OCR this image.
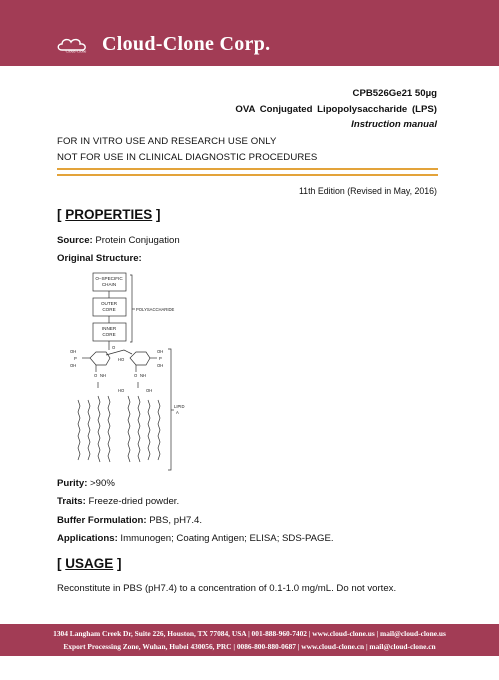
Cloud-Clone Cloud-Clone Corp.
CPB526Ge21 50µg
OVA Conjugated Lipopolysaccharide (LPS)
Instruction manual
FOR IN VITRO USE AND RESEARCH USE ONLY
NOT FOR USE IN CLINICAL DIAGNOSTIC PROCEDURES
11th Edition (Revised in May, 2016)
[ PROPERTIES ]
Source: Protein Conjugation
Original Structure:
O–SPECIFIC
CHAIN
OUTER
CORE
INNER
CORE
POLYSACCHARIDE
LIPID
A
OH
P
OH
OH
P
OH
O
O NH	O NH
HO
HO	OH
Purity: >90%
Traits: Freeze-dried powder.
Buffer Formulation: PBS, pH7.4.
Applications: Immunogen; Coating Antigen; ELISA; SDS-PAGE.
[ USAGE ]
Reconstitute in PBS (pH7.4) to a concentration of 0.1-1.0 mg/mL. Do not vortex.
1304 Langham Creek Dr, Suite 226, Houston, TX 77084, USA | 001-888-960-7402 | www.cloud-clone.us | mail@cloud-clone.us
Export Processing Zone, Wuhan, Hubei 430056, PRC | 0086-800-880-0687 | www.cloud-clone.cn | mail@cloud-clone.cn
